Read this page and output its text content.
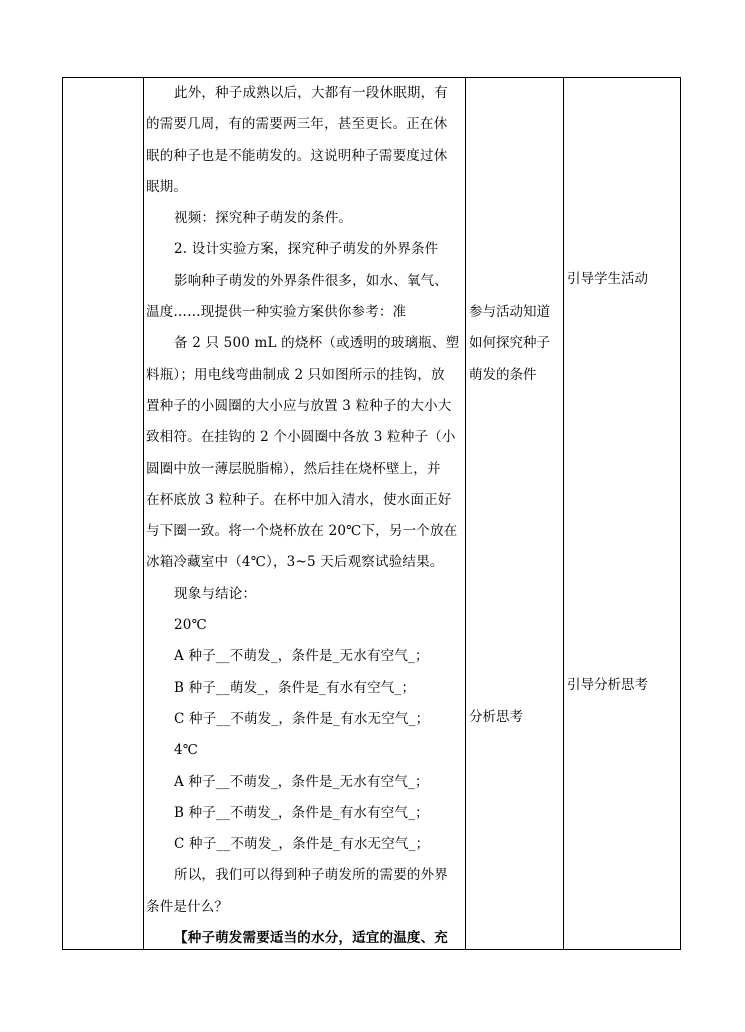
此外，种子成熟以后，大都有一段休眠期，有
的需要几周，有的需要两三年，甚至更长。正在休
眠的种子也是不能萌发的。这说明种子需要度过休
眠期。
视频：探究种子萌发的条件。
2. 设计实验方案，探究种子萌发的外界条件
影响种子萌发的外界条件很多，如水、氧气、
温度……现提供一种实验方案供你参考：准
备 2 只 500 mL 的烧杯（或透明的玻璃瓶、塑
料瓶）；用电线弯曲制成 2 只如图所示的挂钩，放
置种子的小圆圈的大小应与放置 3 粒种子的大小大
致相符。在挂钩的 2 个小圆圈中各放 3 粒种子（小
圆圈中放一薄层脱脂棉），然后挂在烧杯壁上，并
在杯底放 3 粒种子。在杯中加入清水，使水面正好
与下圈一致。将一个烧杯放在 20℃下，另一个放在
冰箱冷藏室中（4℃），3~5 天后观察试验结果。
现象与结论：
20℃
A 种子__不萌发_，条件是_无水有空气_；
B 种子__萌发_，条件是_有水有空气_；
C 种子__不萌发_，条件是_有水无空气_；
4℃
A 种子__不萌发_，条件是_无水有空气_；
B 种子__不萌发_，条件是_有水有空气_；
C 种子__不萌发_，条件是_有水无空气_；
所以，我们可以得到种子萌发所的需要的外界
条件是什么？
【种子萌发需要适当的水分，适宜的温度、充
参与活动知道
如何探究种子
萌发的条件
分析思考
引导学生活动
引导分析思考
